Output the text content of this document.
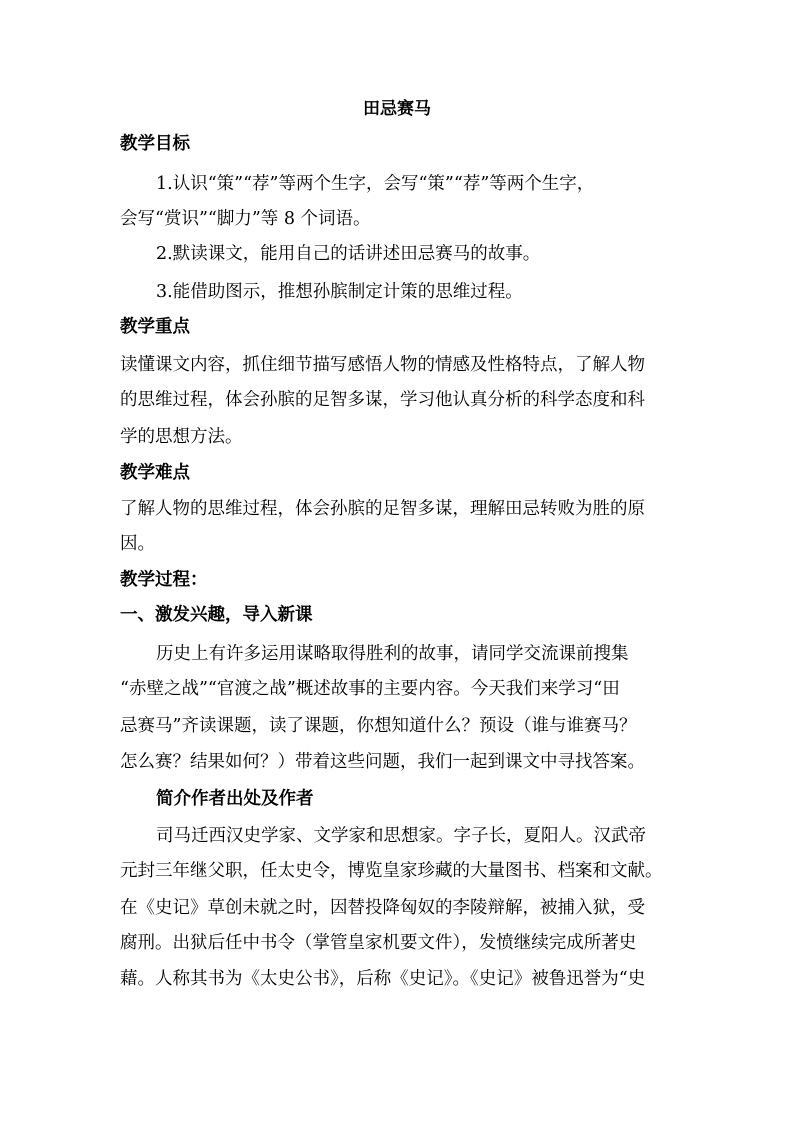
田忌赛马
教学目标
1.认识“策”“荐”等两个生字，会写“策”“荐”等两个生字，
会写“赏识”“脚力”等 8 个词语。
2.默读课文，能用自己的话讲述田忌赛马的故事。
3.能借助图示，推想孙膑制定计策的思维过程。
教学重点
读懂课文内容，抓住细节描写感悟人物的情感及性格特点，了解人物
的思维过程，体会孙膑的足智多谋，学习他认真分析的科学态度和科
学的思想方法。
教学难点
了解人物的思维过程，体会孙膑的足智多谋，理解田忌转败为胜的原
因。
教学过程：
一、激发兴趣，导入新课
历史上有许多运用谋略取得胜利的故事，请同学交流课前搜集
“赤壁之战”“官渡之战”概述故事的主要内容。今天我们来学习“田
忌赛马”齐读课题，读了课题，你想知道什么？预设（谁与谁赛马？
怎么赛？结果如何？）带着这些问题，我们一起到课文中寻找答案。
简介作者出处及作者
司马迁西汉史学家、文学家和思想家。字子长，夏阳人。汉武帝
元封三年继父职，任太史令，博览皇家珍藏的大量图书、档案和文献。
在《史记》草创未就之时，因替投降匈奴的李陵辩解，被捕入狱，受
腐刑。出狱后任中书令（掌管皇家机要文件），发愤继续完成所著史
藉。人称其书为《太史公书》，后称《史记》。《史记》被鲁迅誉为“史
